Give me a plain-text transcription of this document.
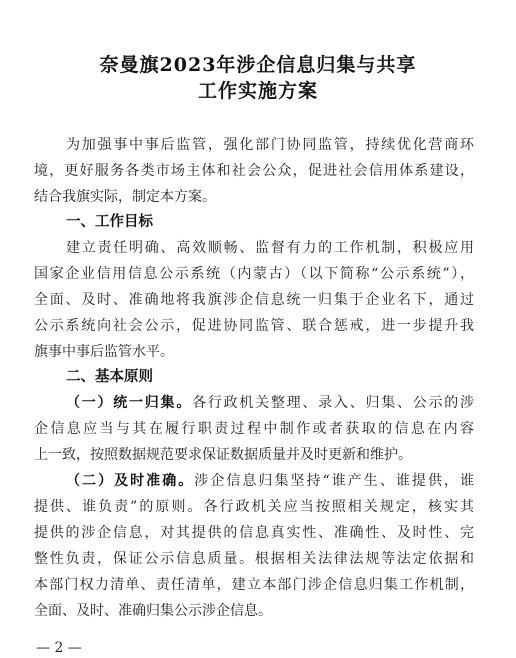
奈曼旗2023年涉企信息归集与共享
工作实施方案
为加强事中事后监管，强化部门协同监管，持续优化营商环
境，更好服务各类市场主体和社会公众，促进社会信用体系建设，
结合我旗实际，制定本方案。
一、工作目标
建立责任明确、高效顺畅、监督有力的工作机制，积极应用
国家企业信用信息公示系统（内蒙古）（以下简称“公示系统”），
全面、及时、准确地将我旗涉企信息统一归集于企业名下，通过
公示系统向社会公示，促进协同监管、联合惩戒，进一步提升我
旗事中事后监管水平。
二、基本原则
（一）统一归集。各行政机关整理、录入、归集、公示的涉
企信息应当与其在履行职责过程中制作或者获取的信息在内容
上一致，按照数据规范要求保证数据质量并及时更新和维护。
（二）及时准确。涉企信息归集坚持“谁产生、谁提供，谁
提供、谁负责”的原则。各行政机关应当按照相关规定，核实其
提供的涉企信息，对其提供的信息真实性、准确性、及时性、完
整性负责，保证公示信息质量。根据相关法律法规等法定依据和
本部门权力清单、责任清单，建立本部门涉企信息归集工作机制，
全面、及时、准确归集公示涉企信息。
— 2 —
